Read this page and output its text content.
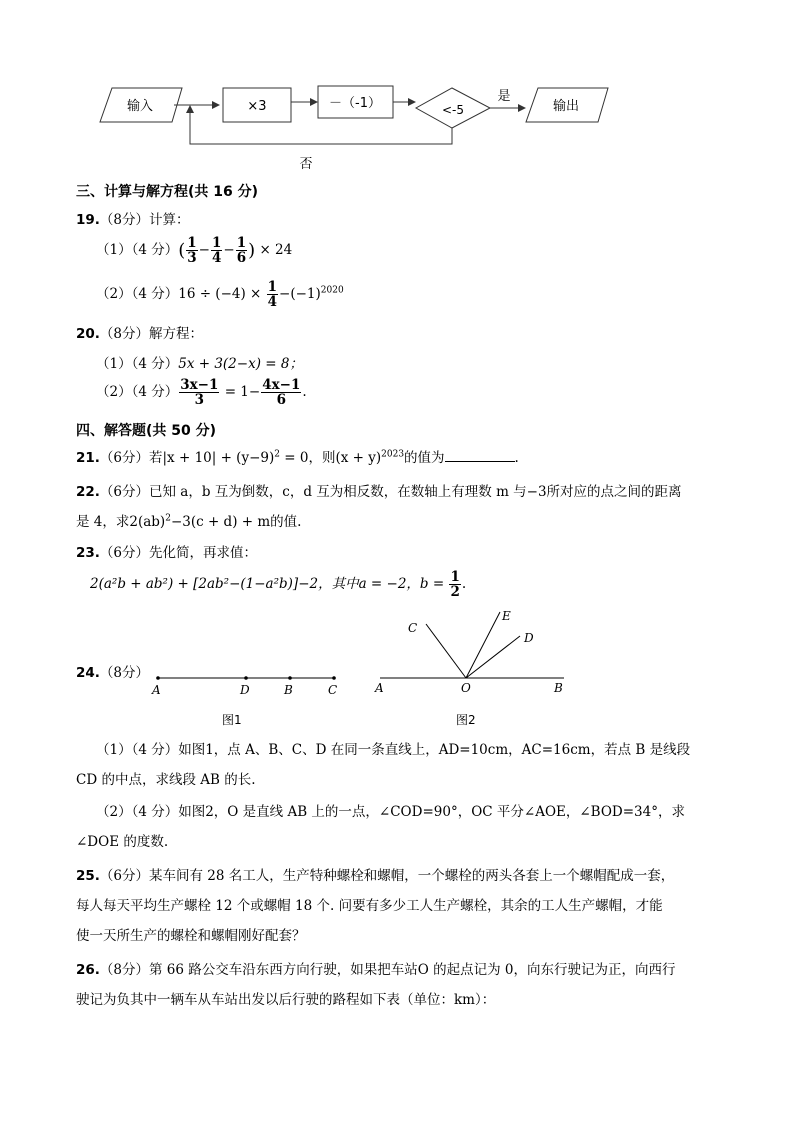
输入	×3	－（-1）	<-5
是
输出
否
三、计算与解方程(共 16 分)
19.（8分）计算：
（1）（4 分）( $\frac{1}{3} - \frac{1}{4} - \frac{1}{6}$ ) × 24
（2）（4 分）$16 \div (-4) \times \frac{1}{4} -(-1)^{2020}$
20.（8分）解方程：
（1）（4 分）5x + 3(2−x) = 8；
（2）（4 分） $\frac{3x-1}{3} = 1- \frac{4x-1}{6}$ .
四、解答题(共 50 分)
21.（6分）若$|x + 10| + (y-9)^2 = 0$，则$(x + y)^{2023}$的值为	.
22.（6分）已知 a，b 互为倒数，c，d 互为相反数，在数轴上有理数 m 与−3所对应的点之间的距离
是 4，求2(ab)$^2$−3(c + d) + m的值.
23.（6分）先化简，再求值：
2(a²b + ab²) + [2ab²−(1−a²b)]−2，其中a = −2，$b = \frac{1}{2}$ .
24.（8分）
A	D	B	C
图1
A	O	B
C
E
D
图2
（1）（4 分）如图1，点 A、B、C、D 在同一条直线上，AD=10cm，AC=16cm，若点 B 是线段
CD 的中点，求线段 AB 的长.
（2）（4 分）如图2，O 是直线 AB 上的一点，∠COD=90°，OC 平分∠AOE，∠BOD=34°，求
∠DOE 的度数.
25.（6分）某车间有 28 名工人，生产特种螺栓和螺帽，一个螺栓的两头各套上一个螺帽配成一套，
每人每天平均生产螺栓 12 个或螺帽 18 个. 问要有多少工人生产螺栓，其余的工人生产螺帽，才能
使一天所生产的螺栓和螺帽刚好配套？
26.（8分）第 66 路公交车沿东西方向行驶，如果把车站O 的起点记为 0，向东行驶记为正，向西行
驶记为负其中一辆车从车站出发以后行驶的路程如下表（单位：km）：
